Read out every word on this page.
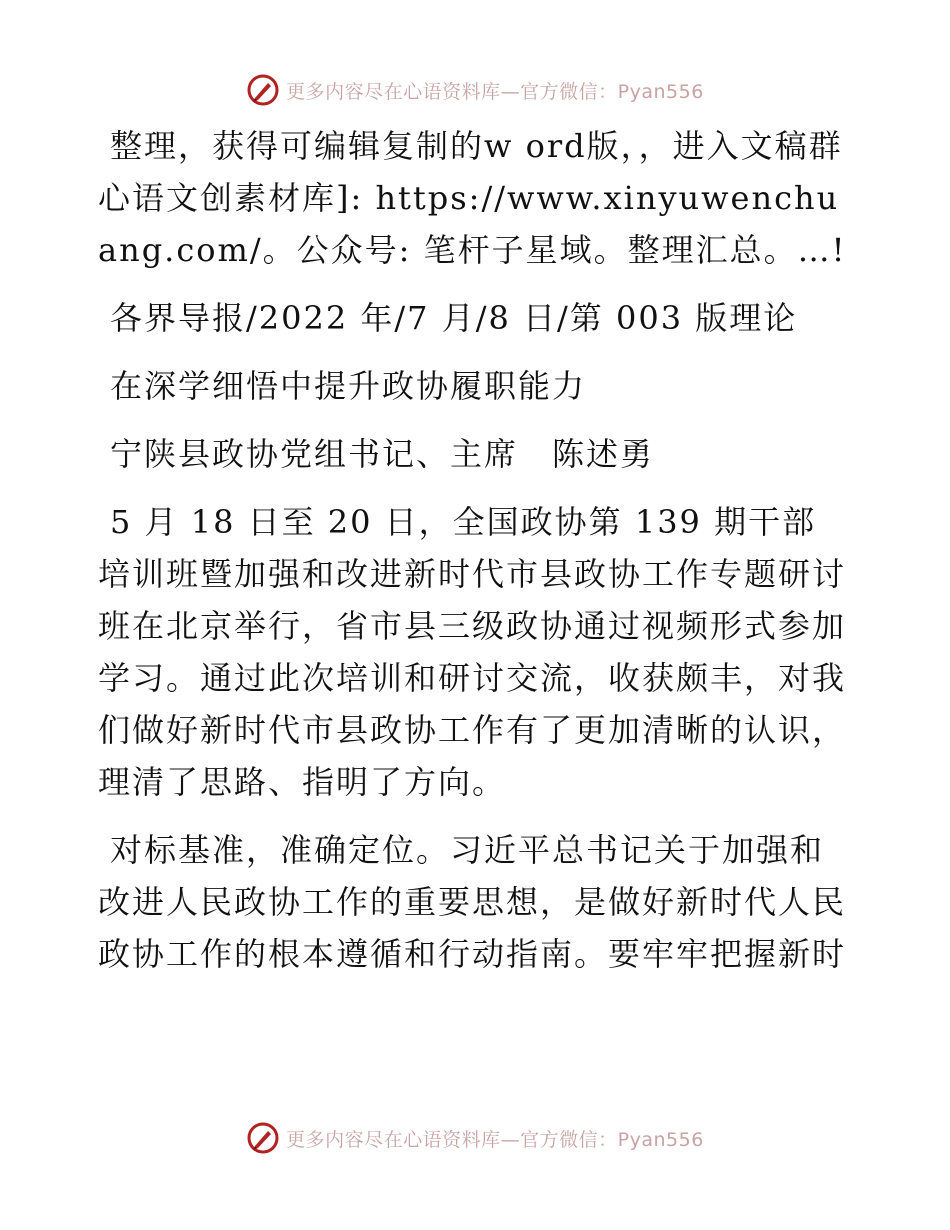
更多内容尽在心语资料库—官方微信：Pyan556

整理，获得可编辑复制的w ord版，，进入文稿群心语文创素材库]: https://www.xinyuwenchuang.com/。公众号: 笔杆子星域。整理汇总。…!

各界导报/2022 年/7 月/8 日/第 003 版理论

在深学细悟中提升政协履职能力

宁陕县政协党组书记、主席　陈述勇

5 月 18 日至 20 日，全国政协第 139 期干部培训班暨加强和改进新时代市县政协工作专题研讨班在北京举行，省市县三级政协通过视频形式参加学习。通过此次培训和研讨交流，收获颇丰，对我们做好新时代市县政协工作有了更加清晰的认识，理清了思路、指明了方向。

对标基准，准确定位。习近平总书记关于加强和改进人民政协工作的重要思想，是做好新时代人民政协工作的根本遵循和行动指南。要牢牢把握新时

更多内容尽在心语资料库—官方微信：Pyan556
